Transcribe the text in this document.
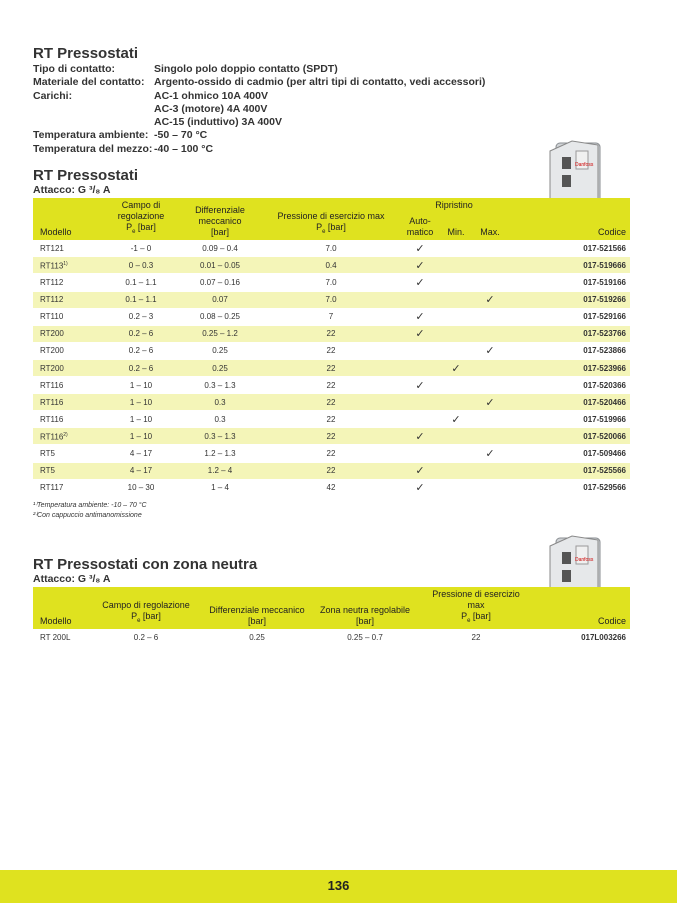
RT Pressostati
Tipo di contatto:	Singolo polo doppio contatto (SPDT)
Materiale del contatto: Argento-ossido di cadmio (per altri tipi di contatto, vedi accessori)
Carichi:	AC-1 ohmico 10A 400V
AC-3 (motore) 4A 400V
AC-15 (induttivo) 3A 400V
Temperatura ambiente: -50 – 70 °C
Temperatura del mezzo: -40 – 100 °C
RT Pressostati
Attacco: G ³/₈ A
Danfoss
Modello	Campo di regolazione
$P_e$ [bar]	Differenziale meccanico
[bar]	Pressione di esercizio max
$P_e$ [bar]	Ripristino			Codice
				Auto- matico	Min.	Max.	
RT121	-1 – 0	0.09 – 0.4	7.0	✓			017-521566
RT113$^{1)}$	0 – 0.3	0.01 – 0.05	0.4	✓			017-519666
RT112	0.1 – 1.1	0.07 – 0.16	7.0	✓			017-519166
RT112	0.1 – 1.1	0.07	7.0			✓	017-519266
RT110	0.2 – 3	0.08 – 0.25	7	✓			017-529166
RT200	0.2 – 6	0.25 – 1.2	22	✓			017-523766
RT200	0.2 – 6	0.25	22			✓	017-523866
RT200	0.2 – 6	0.25	22		✓		017-523966
RT116	1 – 10	0.3 – 1.3	22	✓			017-520366
RT116	1 – 10	0.3	22			✓	017-520466
RT116	1 – 10	0.3	22		✓		017-519966
RT116$^{2)}$	1 – 10	0.3 – 1.3	22	✓			017-520066
RT5	4 – 17	1.2 – 1.3	22			✓	017-509466
RT5	4 – 17	1.2 – 4	22	✓			017-525566
RT117	10 – 30	1 – 4	42	✓			017-529566
¹⁾Temperatura ambiente: -10 – 70 °C
²⁾Con cappuccio antimanomissione
RT Pressostati con zona neutra
Attacco: G ³/₈ A
Danfoss
Modello	Campo di regolazione
$P_e$ [bar]	Differenziale meccanico
[bar]	Zona neutra regolabile
[bar]	Pressione di esercizio max
$P_e$ [bar]	Codice
RT 200L	0.2 – 6	0.25	0.25 – 0.7	22	017L003266
136
